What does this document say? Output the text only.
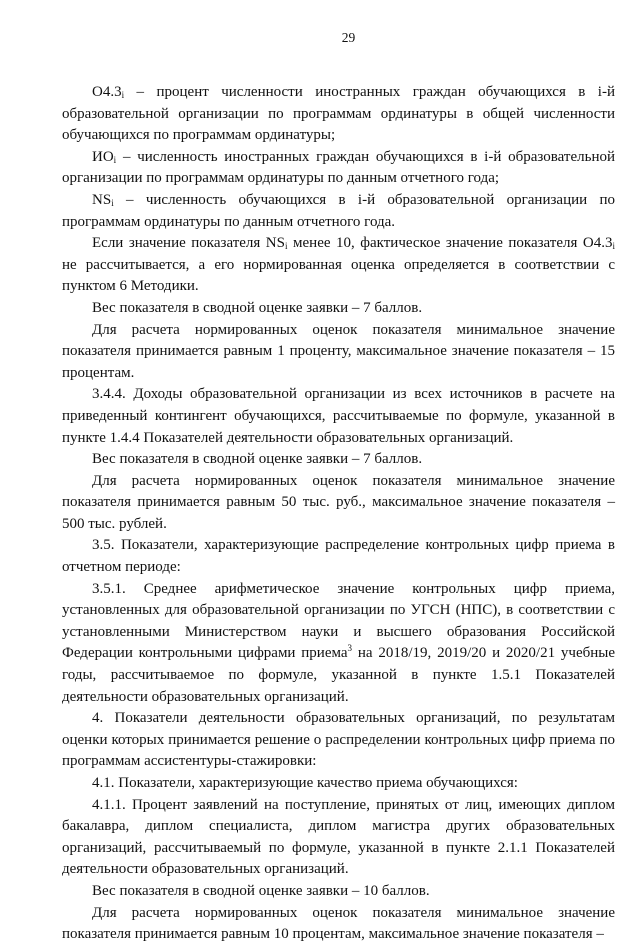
29

$O4.3_i$ – процент численности иностранных граждан обучающихся в i-й образовательной организации по программам ординатуры в общей численности обучающихся по программам ординатуры;

$ИО_i$ – численность иностранных граждан обучающихся в i-й образовательной организации по программам ординатуры по данным отчетного года;

$NS_i$ – численность обучающихся в i-й образовательной организации по программам ординатуры по данным отчетного года.

Если значение показателя $NS_i$ менее 10, фактическое значение показателя $O4.3_i$ не рассчитывается, а его нормированная оценка определяется в соответствии с пунктом 6 Методики.

Вес показателя в сводной оценке заявки – 7 баллов.

Для расчета нормированных оценок показателя минимальное значение показателя принимается равным 1 проценту, максимальное значение показателя – 15 процентам.

3.4.4. Доходы образовательной организации из всех источников в расчете на приведенный контингент обучающихся, рассчитываемые по формуле, указанной в пункте 1.4.4 Показателей деятельности образовательных организаций.

Вес показателя в сводной оценке заявки – 7 баллов.

Для расчета нормированных оценок показателя минимальное значение показателя принимается равным 50 тыс. руб., максимальное значение показателя – 500 тыс. рублей.

3.5. Показатели, характеризующие распределение контрольных цифр приема в отчетном периоде:

3.5.1. Среднее арифметическое значение контрольных цифр приема, установленных для образовательной организации по УГСН (НПС), в соответствии с установленными Министерством науки и высшего образования Российской Федерации контрольными цифрами приема$^3$ на 2018/19, 2019/20 и 2020/21 учебные годы, рассчитываемое по формуле, указанной в пункте 1.5.1 Показателей деятельности образовательных организаций.

4. Показатели деятельности образовательных организаций, по результатам оценки которых принимается решение о распределении контрольных цифр приема по программам ассистентуры-стажировки:

4.1. Показатели, характеризующие качество приема обучающихся:

4.1.1. Процент заявлений на поступление, принятых от лиц, имеющих диплом бакалавра, диплом специалиста, диплом магистра других образовательных организаций, рассчитываемый по формуле, указанной в пункте 2.1.1 Показателей деятельности образовательных организаций.

Вес показателя в сводной оценке заявки – 10 баллов.

Для расчета нормированных оценок показателя минимальное значение показателя принимается равным 10 процентам, максимальное значение показателя –
